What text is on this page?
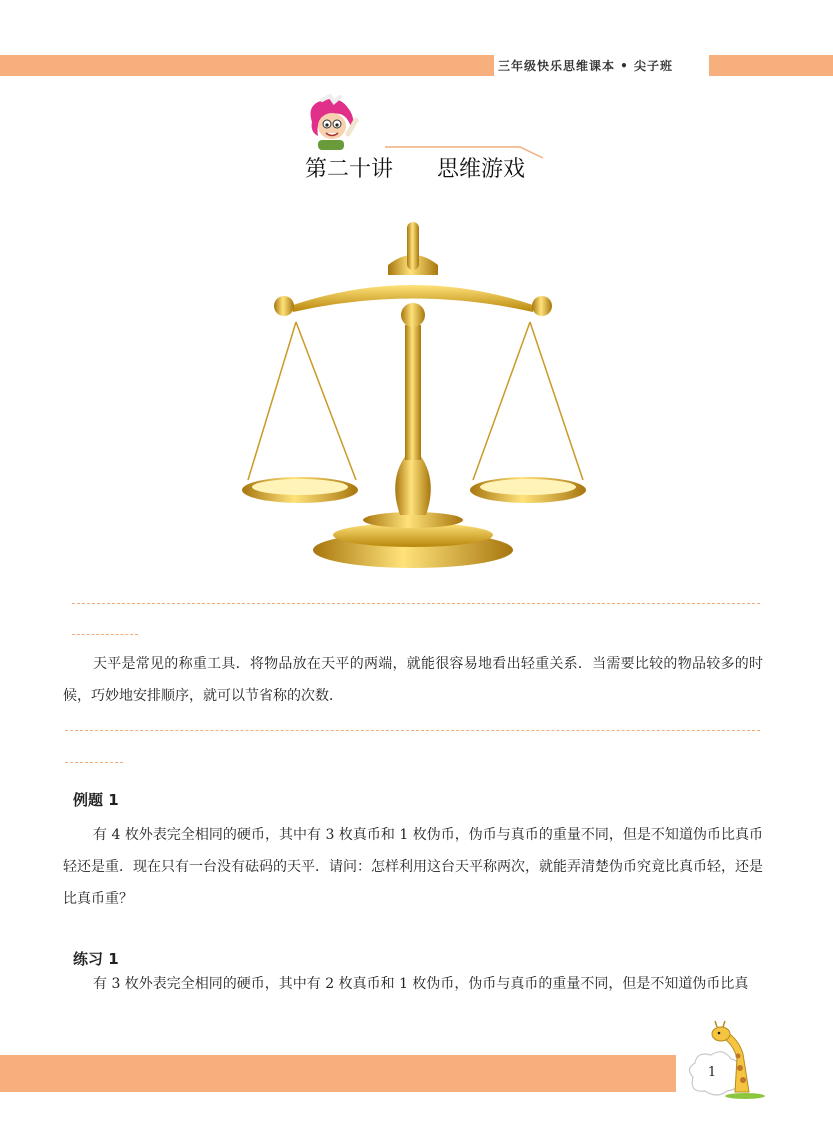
三年级快乐思维课本 • 尖子班
第二十讲 思维游戏

天平是常见的称重工具．将物品放在天平的两端，就能很容易地看出轻重关系．当需要比较的物品较多的时候，巧妙地安排顺序，就可以节省称的次数．

例题 1

有 4 枚外表完全相同的硬币，其中有 3 枚真币和 1 枚伪币，伪币与真币的重量不同，但是不知道伪币比真币轻还是重．现在只有一台没有砝码的天平．请问：怎样利用这台天平称两次，就能弄清楚伪币究竟比真币轻，还是比真币重？

练习 1

有 3 枚外表完全相同的硬币，其中有 2 枚真币和 1 枚伪币，伪币与真币的重量不同，但是不知道伪币比真

1
